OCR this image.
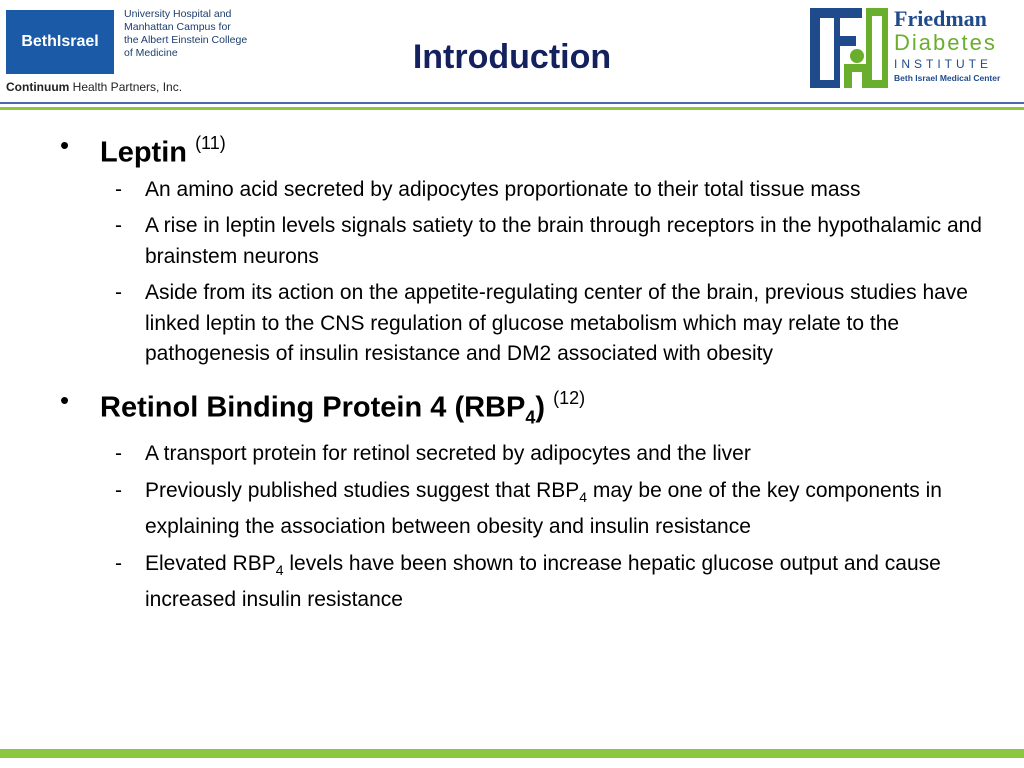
BethIsrael
University Hospital and
Manhattan Campus for
the Albert Einstein College
of Medicine
Continuum Health Partners, Inc.
Introduction
Friedman
Diabetes
INSTITUTE
Beth Israel Medical Center
• Leptin $^{(11)}$
- An amino acid secreted by adipocytes proportionate to their total tissue mass
- A rise in leptin levels signals satiety to the brain through receptors in the hypothalamic and brainstem neurons
- Aside from its action on the appetite-regulating center of the brain, previous studies have linked leptin to the CNS regulation of glucose metabolism which may relate to the pathogenesis of insulin resistance and DM2 associated with obesity
• Retinol Binding Protein 4 $(RBP_4)$ $^{(12)}$
- A transport protein for retinol secreted by adipocytes and the liver
- Previously published studies suggest that $RBP_4$ may be one of the key components in explaining the association between obesity and insulin resistance
- Elevated $RBP_4$ levels have been shown to increase hepatic glucose output and cause increased insulin resistance
